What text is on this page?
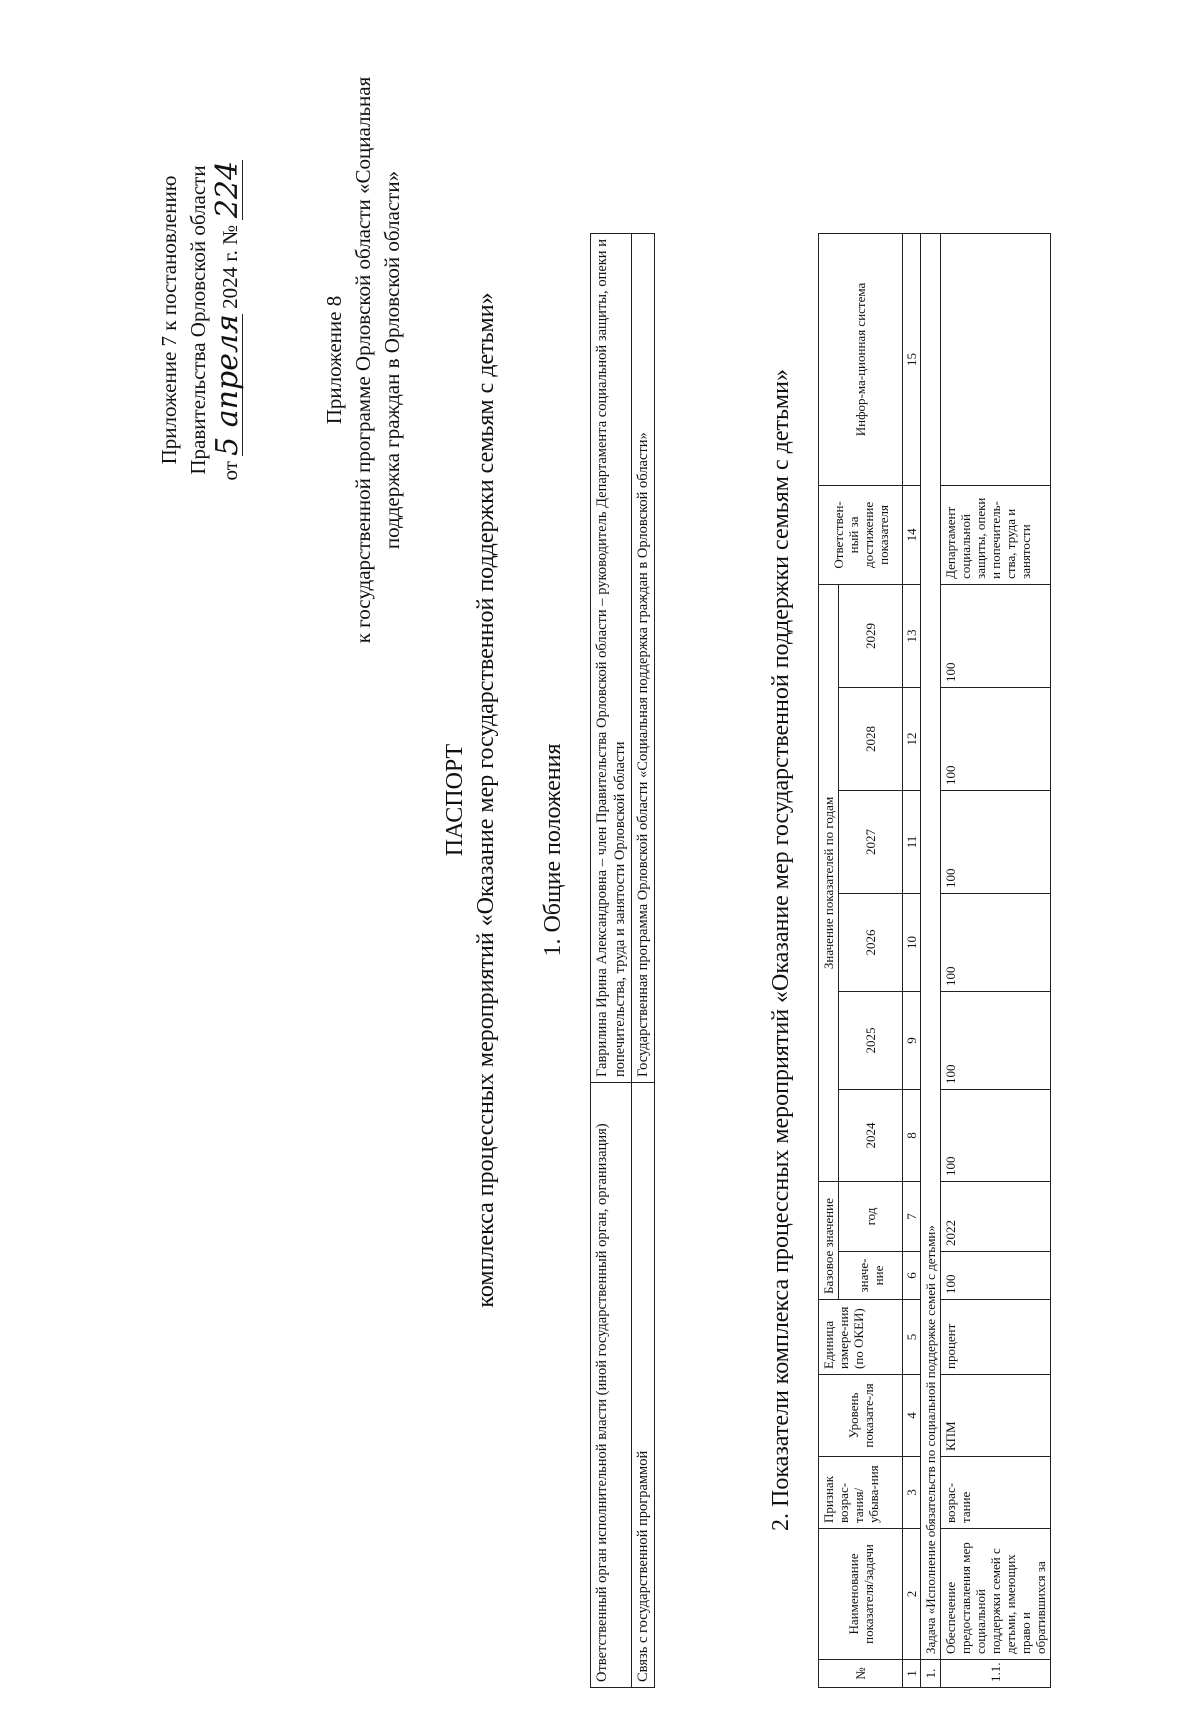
Приложение 7 к постановлению Правительства Орловской области от 5 апреля 2024 г. № 224
Приложение 8 к государственной программе Орловской области «Социальная поддержка граждан в Орловской области»
ПАСПОРТ комплекса процессных мероприятий «Оказание мер государственной поддержки семьям с детьми» 1. Общие положения
Ответственный орган исполнительной власти (иной государственный орган, организация)	Гаврилина Ирина Александровна – член Правительства Орловской области – руководитель Департамента социальной защиты, опеки и попечительства, труда и занятости Орловской области
Связь с государственной программой	Государственная программа Орловской области «Социальная поддержка граждан в Орловской области»	2. Показатели комплекса процессных мероприятий «Оказание мер государственной поддержки семьям с детьми»
№	Наименование показателя/задачи	Признак возрас-тания/ убыва-ния	Уровень показате-ля	Единица измере-ния (по ОКЕИ)	Базовое значение		Значение показателей по годам						Ответствен-ный за достижение показателя	Инфор-ма-ционная система
					значе-ние	год	2024	2025	2026	2027	2028	2029		
1	2	3	4	5	6	7	8	9	10	11	12	13	14	15
1.	Задача «Исполнение обязательств по социальной поддержке семей с детьми»													
1.1.	Обеспечение предоставления мер социальной поддержки семей с детьми, имеющих право и обратившихся за	возрас-тание	КПМ	процент	100	2022	100	100	100	100	100	100	Департамент социальной защиты, опеки и попечитель-ства, труда и занятости	
